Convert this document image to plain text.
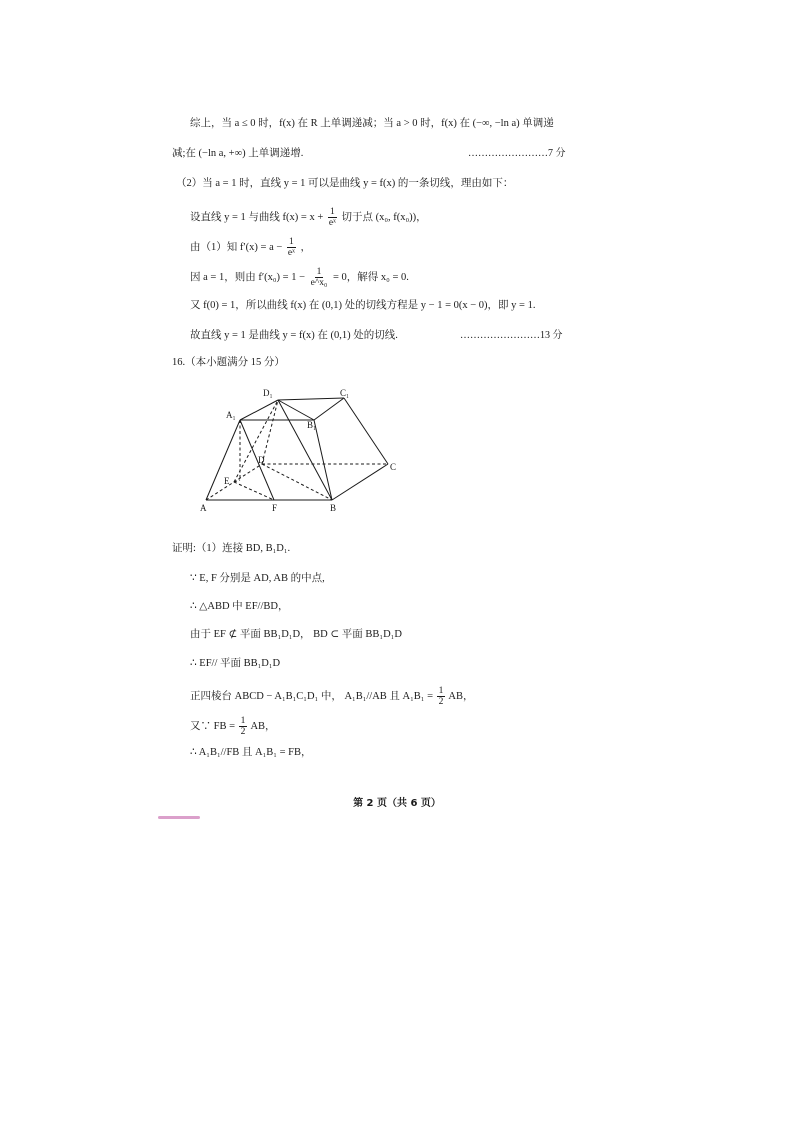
综上，当 a ≤ 0 时，f(x) 在 R 上单调递减；当 a > 0 时，f(x) 在 (−∞, −ln a) 单调递
减;在 (−ln a, +∞) 上单调递增.	……………………7 分
（2）当 a = 1 时，直线 y = 1 可以是曲线 y = f(x) 的一条切线，理由如下：
设直线 y = 1 与曲线 $f(x) = x + \frac{1}{\text{eˣ}}$ 切于点 (x₀, f(x₀))，
由（1）知 $f'(x) = a - \frac{1}{\text{eˣ}}$ ，
因 a = 1，则由 $f'(x_0) = 1 - \frac{1}{\text{e\textasciicircum{}x₀}} = 0$，解得 x₀ = 0.
又 f(0) = 1，所以曲线 f(x) 在 (0,1) 处的切线方程是 y − 1 = 0(x − 0)，即 y = 1.
故直线 y = 1 是曲线 y = f(x) 在 (0,1) 处的切线.	……………………13 分
16.（本小题满分 15 分）
A	B
C
D
E
F
A₁
B₁
C₁
D₁
证明:（1）连接 BD, B₁D₁.
∵ E, F 分别是 AD, AB 的中点,
∴ △ABD 中 EF//BD，
由于 EF ⊄ 平面 BB₁D₁D， BD ⊂ 平面 BB₁D₁D
∴ EF// 平面 BB₁D₁D
正四棱台 ABCD − A₁B₁C₁D₁ 中， A₁B₁//AB 且 $A_1B_1 = \frac{1}{2}$ AB，
又∵ FB = $\frac{1}{2}$ AB，
∴ A₁B₁//FB 且 A₁B₁ = FB，
第 2 页（共 6 页）
